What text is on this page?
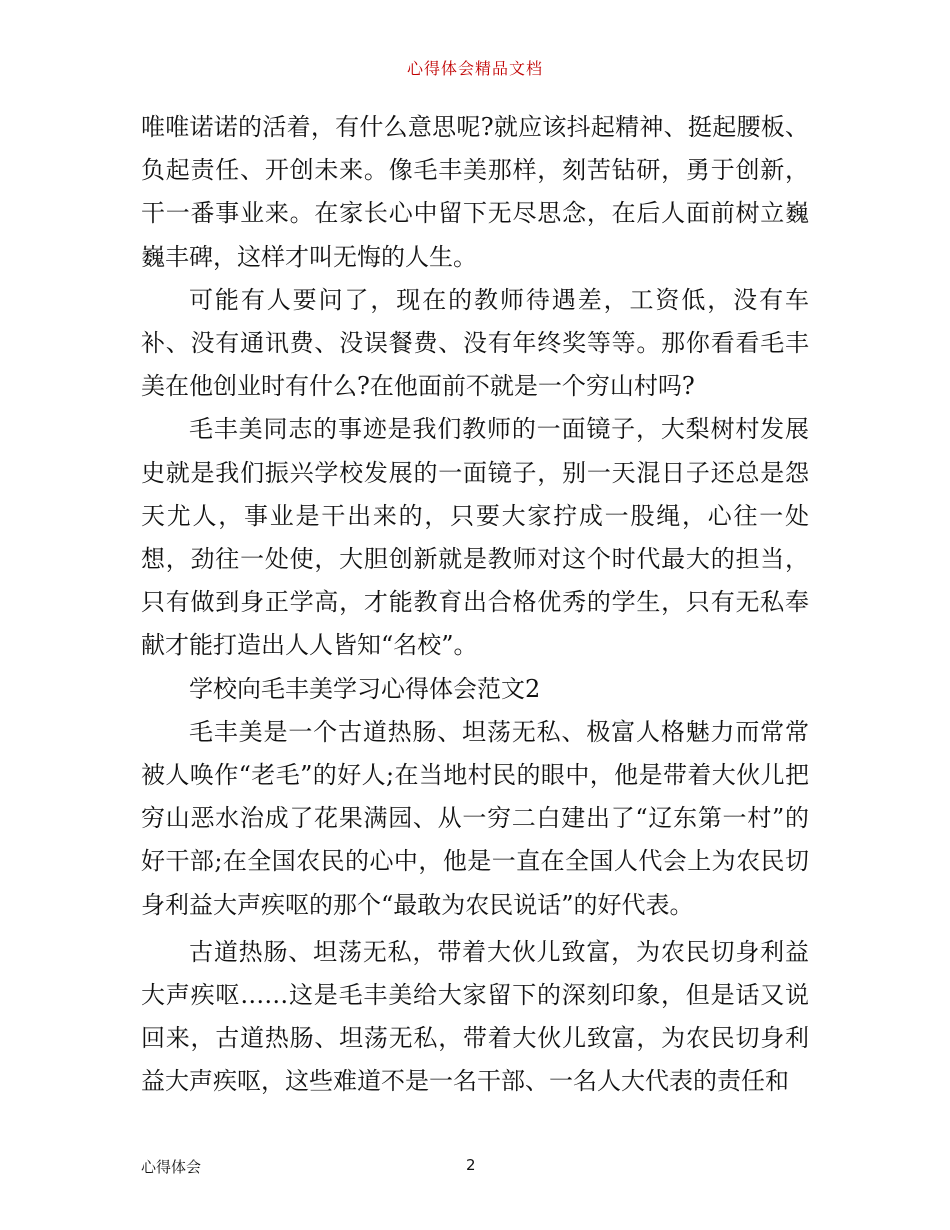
心得体会精品文档

唯唯诺诺的活着，有什么意思呢?就应该抖起精神、挺起腰板、负起责任、开创未来。像毛丰美那样，刻苦钻研，勇于创新，干一番事业来。在家长心中留下无尽思念，在后人面前树立巍巍丰碑，这样才叫无悔的人生。

可能有人要问了，现在的教师待遇差，工资低，没有车补、没有通讯费、没误餐费、没有年终奖等等。那你看看毛丰美在他创业时有什么?在他面前不就是一个穷山村吗?

毛丰美同志的事迹是我们教师的一面镜子，大梨树村发展史就是我们振兴学校发展的一面镜子，别一天混日子还总是怨天尤人，事业是干出来的，只要大家拧成一股绳，心往一处想，劲往一处使，大胆创新就是教师对这个时代最大的担当，只有做到身正学高，才能教育出合格优秀的学生，只有无私奉献才能打造出人人皆知“名校”。

学校向毛丰美学习心得体会范文2

毛丰美是一个古道热肠、坦荡无私、极富人格魅力而常常被人唤作“老毛”的好人;在当地村民的眼中，他是带着大伙儿把穷山恶水治成了花果满园、从一穷二白建出了“辽东第一村”的好干部;在全国农民的心中，他是一直在全国人代会上为农民切身利益大声疾呕的那个“最敢为农民说话”的好代表。

古道热肠、坦荡无私，带着大伙儿致富，为农民切身利益大声疾呕……这是毛丰美给大家留下的深刻印象，但是话又说回来，古道热肠、坦荡无私，带着大伙儿致富，为农民切身利益大声疾呕，这些难道不是一名干部、一名人大代表的责任和

心得体会	2
